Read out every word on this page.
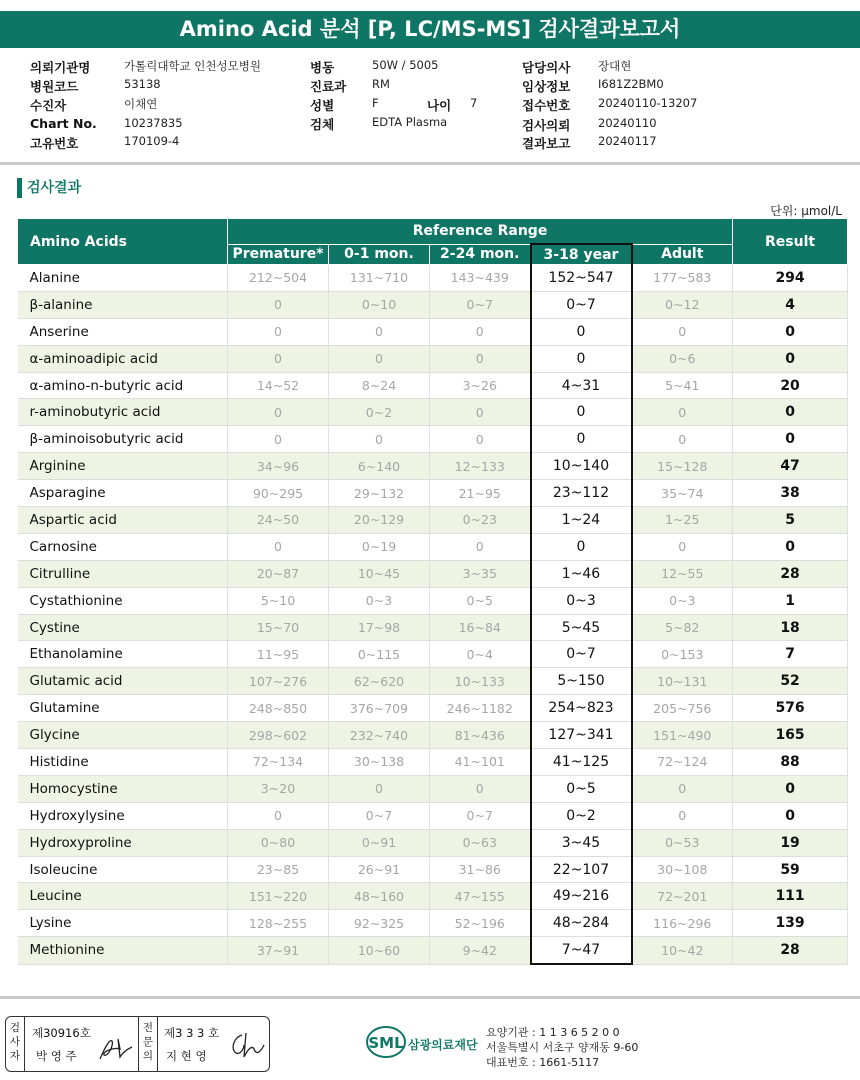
Amino Acid 분석 [P, LC/MS-MS] 검사결과보고서
의뢰기관명	가톨릭대학교 인천성모병원
병원코드	53138
수진자	이채연
Chart No. 10237835
고유번호	170109-4
병동	50W / 5005
진료과 RM
성별	F	나이 7
검체	EDTA Plasma
담당의사 장대현
임상정보 I681Z2BM0
접수번호 20240110-13207
검사의뢰 20240110
결과보고 20240117
검사결과
단위: μmol/L
Amino Acids	Reference Range					Result
	Premature*	0-1 mon.	2-24 mon.	3-18 year	Adult	
Alanine	212~504	131~710	143~439	152~547	177~583	294
β-alanine	0	0~10	0~7	0~7	0~12	4
Anserine	0	0	0	0	0	0
α-aminoadipic acid	0	0	0	0	0~6	0
α-amino-n-butyric acid	14~52	8~24	3~26	4~31	5~41	20
r-aminobutyric acid	0	0~2	0	0	0	0
β-aminoisobutyric acid	0	0	0	0	0	0
Arginine	34~96	6~140	12~133	10~140	15~128	47
Asparagine	90~295	29~132	21~95	23~112	35~74	38
Aspartic acid	24~50	20~129	0~23	1~24	1~25	5
Carnosine	0	0~19	0	0	0	0
Citrulline	20~87	10~45	3~35	1~46	12~55	28
Cystathionine	5~10	0~3	0~5	0~3	0~3	1
Cystine	15~70	17~98	16~84	5~45	5~82	18
Ethanolamine	11~95	0~115	0~4	0~7	0~153	7
Glutamic acid	107~276	62~620	10~133	5~150	10~131	52
Glutamine	248~850	376~709	246~1182	254~823	205~756	576
Glycine	298~602	232~740	81~436	127~341	151~490	165
Histidine	72~134	30~138	41~101	41~125	72~124	88
Homocystine	3~20	0	0	0~5	0	0
Hydroxylysine	0	0~7	0~7	0~2	0	0
Hydroxyproline	0~80	0~91	0~63	3~45	0~53	19
Isoleucine	23~85	26~91	31~86	22~107	30~108	59
Leucine	151~220	48~160	47~155	49~216	72~201	111
Lysine	128~255	92~325	52~196	48~284	116~296	139
Methionine	37~91	10~60	9~42	7~47	10~42	28
검
사
자
제30916호
박 영 주
전
문
의
제3 3 3 호
지 현 영
SML 삼광의료재단
요양기관 : 1 1 3 6 5 2 0 0
서울특별시 서초구 양재동 9-60
대표번호 : 1661-5117
